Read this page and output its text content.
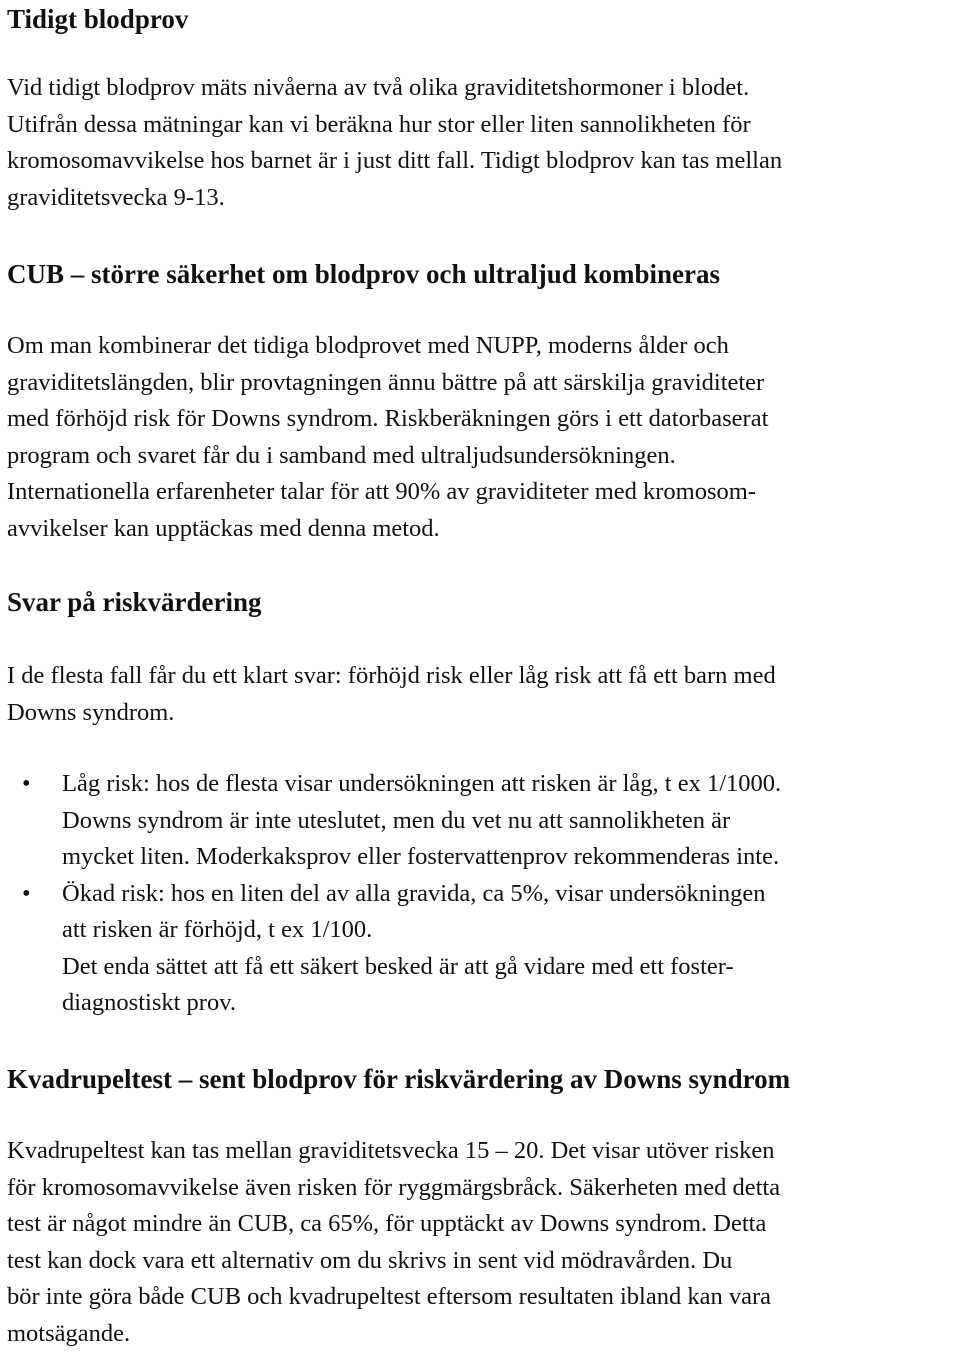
Tidigt blodprov
Vid tidigt blodprov mäts nivåerna av två olika graviditetshormoner i blodet.
Utifrån dessa mätningar kan vi beräkna hur stor eller liten sannolikheten för
kromosomavvikelse hos barnet är i just ditt fall. Tidigt blodprov kan tas mellan
graviditetsvecka 9-13.
CUB – större säkerhet om blodprov och ultraljud kombineras
Om man kombinerar det tidiga blodprovet med NUPP, moderns ålder och
graviditetslängden, blir provtagningen ännu bättre på att särskilja graviditeter
med förhöjd risk för Downs syndrom. Riskberäkningen görs i ett datorbaserat
program och svaret får du i samband med ultraljudsundersökningen.
Internationella erfarenheter talar för att 90% av graviditeter med kromosom-
avvikelser kan upptäckas med denna metod.
Svar på riskvärdering
I de flesta fall får du ett klart svar: förhöjd risk eller låg risk att få ett barn med
Downs syndrom.
• Låg risk: hos de flesta visar undersökningen att risken är låg, t ex 1/1000.
Downs syndrom är inte uteslutet, men du vet nu att sannolikheten är
mycket liten. Moderkaksprov eller fostervattenprov rekommenderas inte.
• Ökad risk: hos en liten del av alla gravida, ca 5%, visar undersökningen
att risken är förhöjd, t ex 1/100.
Det enda sättet att få ett säkert besked är att gå vidare med ett foster-
diagnostiskt prov.
Kvadrupeltest – sent blodprov för riskvärdering av Downs syndrom
Kvadrupeltest kan tas mellan graviditetsvecka 15 – 20. Det visar utöver risken
för kromosomavvikelse även risken för ryggmärgsbråck. Säkerheten med detta
test är något mindre än CUB, ca 65%, för upptäckt av Downs syndrom. Detta
test kan dock vara ett alternativ om du skrivs in sent vid mödravården. Du
bör inte göra både CUB och kvadrupeltest eftersom resultaten ibland kan vara
motsägande.
